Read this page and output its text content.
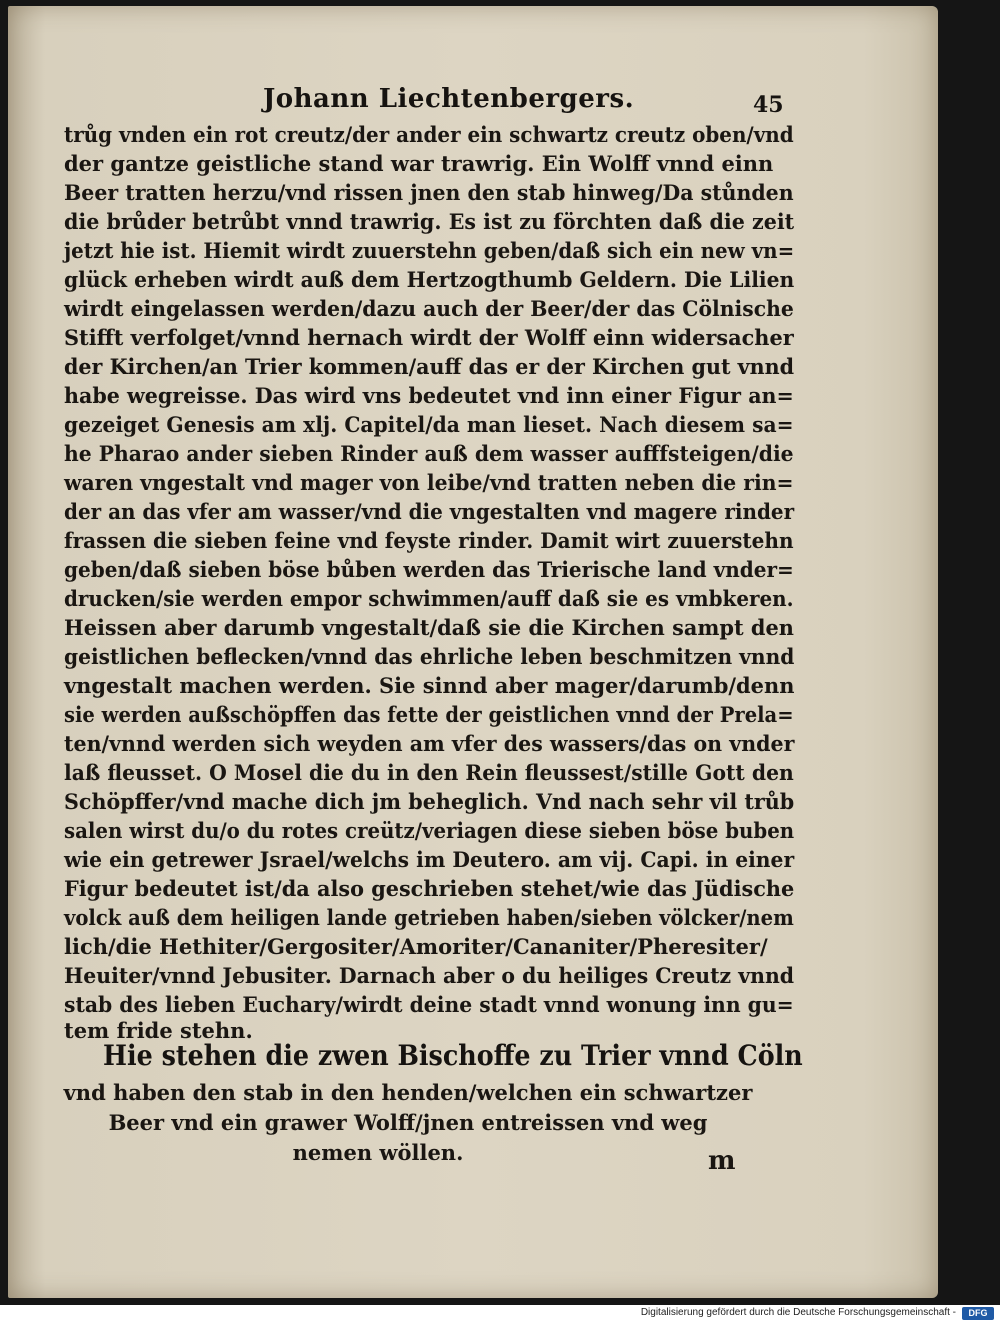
Johann Liechtenbergers.	45
trůg vnden ein rot creutz/der ander ein schwartz creutz oben/vnd
der gantze geistliche stand war trawrig. Ein Wolff vnnd einn
Beer tratten herzu/vnd rissen jnen den stab hinweg/Da stůnden
die brůder betrůbt vnnd trawrig. Es ist zu förchten daß die zeit
jetzt hie ist. Hiemit wirdt zuuerstehn geben/daß sich ein new vn=
glück erheben wirdt auß dem Hertzogthumb Geldern. Die Lilien
wirdt eingelassen werden/dazu auch der Beer/der das Cölnische
Stifft verfolget/vnnd hernach wirdt der Wolff einn widersacher
der Kirchen/an Trier kommen/auff das er der Kirchen gut vnnd
habe wegreisse. Das wird vns bedeutet vnd inn einer Figur an=
gezeiget Genesis am xlj. Capitel/da man lieset. Nach diesem sa=
he Pharao ander sieben Rinder auß dem wasser aufffsteigen/die
waren vngestalt vnd mager von leibe/vnd tratten neben die rin=
der an das vfer am wasser/vnd die vngestalten vnd magere rinder
frassen die sieben feine vnd feyste rinder. Damit wirt zuuerstehn
geben/daß sieben böse bůben werden das Trierische land vnder=
drucken/sie werden empor schwimmen/auff daß sie es vmbkeren.
Heissen aber darumb vngestalt/daß sie die Kirchen sampt den
geistlichen beflecken/vnnd das ehrliche leben beschmitzen vnnd
vngestalt machen werden. Sie sinnd aber mager/darumb/denn
sie werden außschöpffen das fette der geistlichen vnnd der Prela=
ten/vnnd werden sich weyden am vfer des wassers/das on vnder
laß fleusset. O Mosel die du in den Rein fleussest/stille Gott den
Schöpffer/vnd mache dich jm beheglich. Vnd nach sehr vil trůb
salen wirst du/o du rotes creütz/veriagen diese sieben böse buben
wie ein getrewer Jsrael/welchs im Deutero. am vij. Capi. in einer
Figur bedeutet ist/da also geschrieben stehet/wie das Jüdische
volck auß dem heiligen lande getrieben haben/sieben völcker/nem
lich/die Hethiter/Gergositer/Amoriter/Cananiter/Pheresiter/
Heuiter/vnnd Jebusiter. Darnach aber o du heiliges Creutz vnnd
stab des lieben Euchary/wirdt deine stadt vnnd wonung inn gu=
tem fride stehn.
Hie stehen die zwen Bischoffe zu Trier vnnd Cöln
vnd haben den stab in den henden/welchen ein schwartzer
Beer vnd ein grawer Wolff/jnen entreissen vnd weg
nemen wöllen.	m
Digitalisierung gefördert durch die Deutsche Forschungsgemeinschaft -	DFG
